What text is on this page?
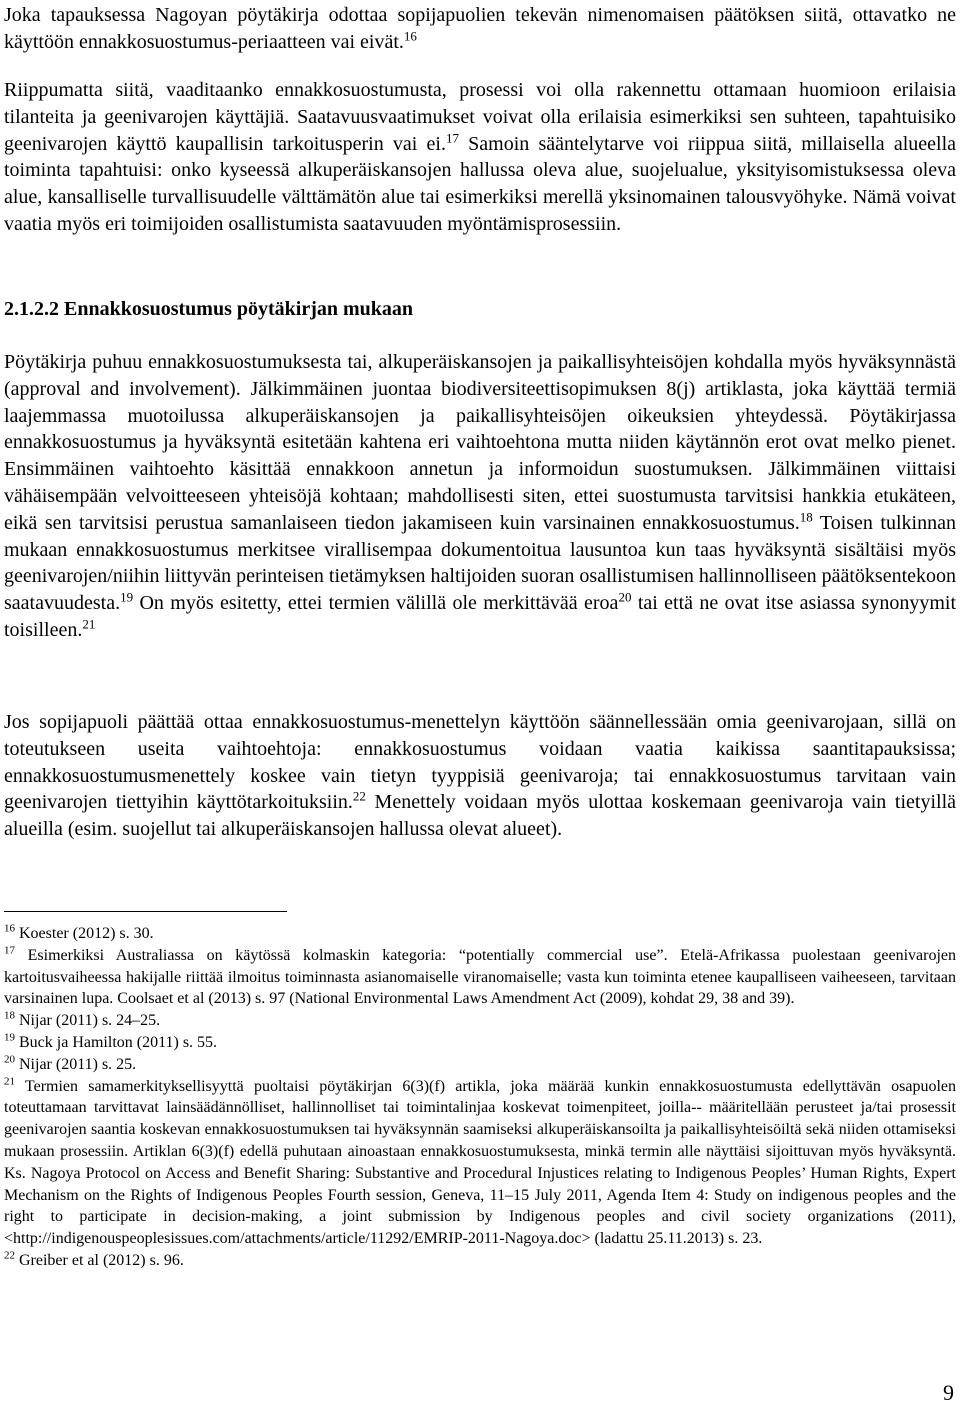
Joka tapauksessa Nagoyan pöytäkirja odottaa sopijapuolien tekevän nimenomaisen päätöksen siitä, ottavatko ne käyttöön ennakkosuostumus-periaatteen vai eivät.$^{16}$

Riippumatta siitä, vaaditaanko ennakkosuostumusta, prosessi voi olla rakennettu ottamaan huomioon erilaisia tilanteita ja geenivarojen käyttäjiä. Saatavuusvaatimukset voivat olla erilaisia esimerkiksi sen suhteen, tapahtuisiko geenivarojen käyttö kaupallisin tarkoitusperin vai ei.$^{17}$ Samoin sääntelytarve voi riippua siitä, millaisella alueella toiminta tapahtuisi: onko kyseessä alkuperäiskansojen hallussa oleva alue, suojelualue, yksityisomistuksessa oleva alue, kansalliselle turvallisuudelle välttämätön alue tai esimerkiksi merellä yksinomainen talousvyöhyke. Nämä voivat vaatia myös eri toimijoiden osallistumista saatavuuden myöntämisprosessiin.

2.1.2.2 Ennakkosuostumus pöytäkirjan mukaan

Pöytäkirja puhuu ennakkosuostumuksesta tai, alkuperäiskansojen ja paikallisyhteisöjen kohdalla myös hyväksynnästä (approval and involvement). Jälkimmäinen juontaa biodiversiteettisopimuksen 8(j) artiklasta, joka käyttää termiä laajemmassa muotoilussa alkuperäiskansojen ja paikallisyhteisöjen oikeuksien yhteydessä. Pöytäkirjassa ennakkosuostumus ja hyväksyntä esitetään kahtena eri vaihtoehtona mutta niiden käytännön erot ovat melko pienet. Ensimmäinen vaihtoehto käsittää ennakkoon annetun ja informoidun suostumuksen. Jälkimmäinen viittaisi vähäisempään velvoitteeseen yhteisöjä kohtaan; mahdollisesti siten, ettei suostumusta tarvitsisi hankkia etukäteen, eikä sen tarvitsisi perustua samanlaiseen tiedon jakamiseen kuin varsinainen ennakkosuostumus.$^{18}$ Toisen tulkinnan mukaan ennakkosuostumus merkitsee virallisempaa dokumentoitua lausuntoa kun taas hyväksyntä sisältäisi myös geenivarojen/niihin liittyvän perinteisen tietämyksen haltijoiden suoran osallistumisen hallinnolliseen päätöksentekoon saatavuudesta.$^{19}$ On myös esitetty, ettei termien välillä ole merkittävää eroa$^{20}$ tai että ne ovat itse asiassa synonyymit toisilleen.$^{21}$

Jos sopijapuoli päättää ottaa ennakkosuostumus-menettelyn käyttöön säännellessään omia geenivarojaan, sillä on toteutukseen useita vaihtoehtoja: ennakkosuostumus voidaan vaatia kaikissa saantitapauksissa; ennakkosuostumusmenettely koskee vain tietyn tyyppisiä geenivaroja; tai ennakkosuostumus tarvitaan vain geenivarojen tiettyihin käyttötarkoituksiin.$^{22}$ Menettely voidaan myös ulottaa koskemaan geenivaroja vain tietyillä alueilla (esim. suojellut tai alkuperäiskansojen hallussa olevat alueet).

$^{16}$ Koester (2012) s. 30.

$^{17}$ Esimerkiksi Australiassa on käytössä kolmaskin kategoria: “potentially commercial use”. Etelä-Afrikassa puolestaan geenivarojen kartoitusvaiheessa hakijalle riittää ilmoitus toiminnasta asianomaiselle viranomaiselle; vasta kun toiminta etenee kaupalliseen vaiheeseen, tarvitaan varsinainen lupa. Coolsaet et al (2013) s. 97 (National Environmental Laws Amendment Act (2009), kohdat 29, 38 and 39).

$^{18}$ Nijar (2011) s. 24–25.

$^{19}$ Buck ja Hamilton (2011) s. 55.

$^{20}$ Nijar (2011) s. 25.

$^{21}$ Termien samamerkityksellisyyttä puoltaisi pöytäkirjan 6(3)(f) artikla, joka määrää kunkin ennakkosuostumusta edellyttävän osapuolen toteuttamaan tarvittavat lainsäädännölliset, hallinnolliset tai toimintalinjaa koskevat toimenpiteet, joilla-- määritellään perusteet ja/tai prosessit geenivarojen saantia koskevan ennakkosuostumuksen tai hyväksynnän saamiseksi alkuperäiskansoilta ja paikallisyhteisöiltä sekä niiden ottamiseksi mukaan prosessiin. Artiklan 6(3)(f) edellä puhutaan ainoastaan ennakkosuostumuksesta, minkä termin alle näyttäisi sijoittuvan myös hyväksyntä. Ks. Nagoya Protocol on Access and Benefit Sharing: Substantive and Procedural Injustices relating to Indigenous Peoples’ Human Rights, Expert Mechanism on the Rights of Indigenous Peoples Fourth session, Geneva, 11–15 July 2011, Agenda Item 4: Study on indigenous peoples and the right to participate in decision-making, a joint submission by Indigenous peoples and civil society organizations (2011), <http://indigenouspeoplesissues.com/attachments/article/11292/EMRIP-2011-Nagoya.doc> (ladattu 25.11.2013) s. 23.

$^{22}$ Greiber et al (2012) s. 96.

9
